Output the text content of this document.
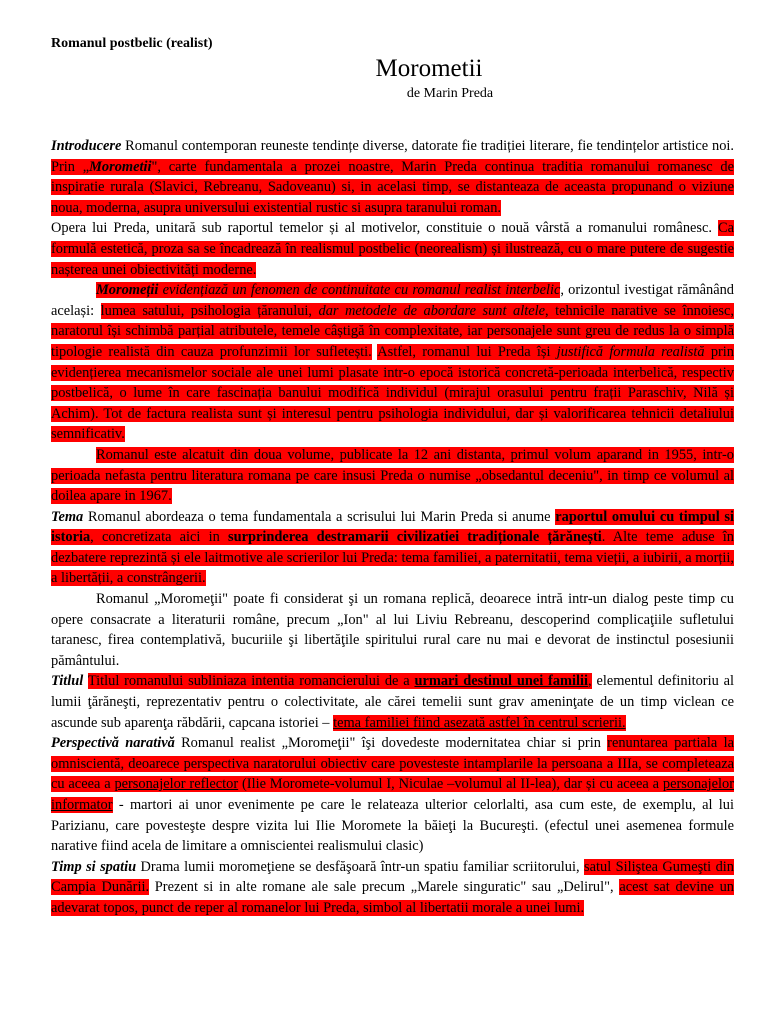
Romanul postbelic (realist)
Morometii
de Marin Preda

Introducere Romanul contemporan reuneste tendințe diverse, datorate fie tradiției literare, fie tendințelor artistice noi. Prin „Morometii", carte fundamentala a prozei noastre, Marin Preda continua traditia romanului romanesc de inspiratie rurala (Slavici, Rebreanu, Sadoveanu) si, in acelasi timp, se distanteaza de aceasta propunand o viziune noua, moderna, asupra universului existential rustic si asupra taranului roman.

Opera lui Preda, unitară sub raportul temelor și al motivelor, constituie o nouă vârstă a romanului românesc. Ca formulă estetică, proza sa se încadrează în realismul postbelic (neorealism) și ilustrează, cu o mare putere de sugestie nașterea unei obiectivități moderne.

Moromeții evidențiază un fenomen de continuitate cu romanul realist interbelic, orizontul ivestigat rămânând același: lumea satului, psihologia țăranului, dar metodele de abordare sunt altele, tehnicile narative se înnoiesc, naratorul își schimbă parțial atributele, temele câștigă în complexitate, iar personajele sunt greu de redus la o simplă tipologie realistă din cauza profunzimii lor sufletești. Astfel, romanul lui Preda își justifică formula realistă prin evidențierea mecanismelor sociale ale unei lumi plasate intr-o epocă istorică concretă-perioada interbelică, respectiv postbelică, o lume în care fascinația banului modifică individul (mirajul orasului pentru frații Paraschiv, Nilă și Achim). Tot de factura realista sunt și interesul pentru psihologia individului, dar și valorificarea tehnicii detaliului semnificativ.

Romanul este alcatuit din doua volume, publicate la 12 ani distanta, primul volum aparand in 1955, intr-o perioada nefasta pentru literatura romana pe care insusi Preda o numise „obsedantul deceniu", in timp ce volumul al doilea apare in 1967.

Tema Romanul abordeaza o tema fundamentala a scrisului lui Marin Preda si anume raportul omului cu timpul si istoria, concretizata aici in surprinderea destramarii civilizatiei tradiționale țărănești. Alte teme aduse în dezbatere reprezintă și ele laitmotive ale scrierilor lui Preda: tema familiei, a paternitatii, tema vieții, a iubirii, a morții, a libertății, a constrângerii.

Romanul „Moromeţii" poate fi considerat şi un romana replică, deoarece intră intr-un dialog peste timp cu opere consacrate a literaturii române, precum „Ion" al lui Liviu Rebreanu, descoperind complicaţiile sufletului taranesc, firea contemplativă, bucuriile şi libertăţile spiritului rural care nu mai e devorat de instinctul posesiunii pământului.

Titlul Titlul romanului subliniaza intentia romancierului de a urmari destinul unei familii, elementul definitoriu al lumii ţărăneşti, reprezentativ pentru o colectivitate, ale cărei temelii sunt grav ameninţate de un timp viclean ce ascunde sub aparenţa răbdării, capcana istoriei – tema familiei fiind asezată astfel în centrul scrierii.

Perspectivă narativă Romanul realist „Moromeţii" îşi dovedeste modernitatea chiar si prin renuntarea partiala la omniscientă, deoarece perspectiva naratorului obiectiv care povesteste intamplarile la persoana a IIIa, se completeaza cu aceea a personajelor reflector (Ilie Moromete-volumul I, Niculae –volumul al II-lea), dar și cu aceea a personajelor informator - martori ai unor evenimente pe care le relateaza ulterior celorlalti, asa cum este, de exemplu, al lui Parizianu, care povesteşte despre vizita lui Ilie Moromete la băieţi la Bucureşti. (efectul unei asemenea formule narative fiind acela de limitare a omniscientei realismului clasic)

Timp si spatiu Drama lumii moromeţiene se desfăşoară într-un spatiu familiar scriitorului, satul Siliştea Gumeşti din Campia Dunării. Prezent si in alte romane ale sale precum „Marele singuratic" sau „Delirul", acest sat devine un adevarat topos, punct de reper al romanelor lui Preda, simbol al libertatii morale a unei lumi.
